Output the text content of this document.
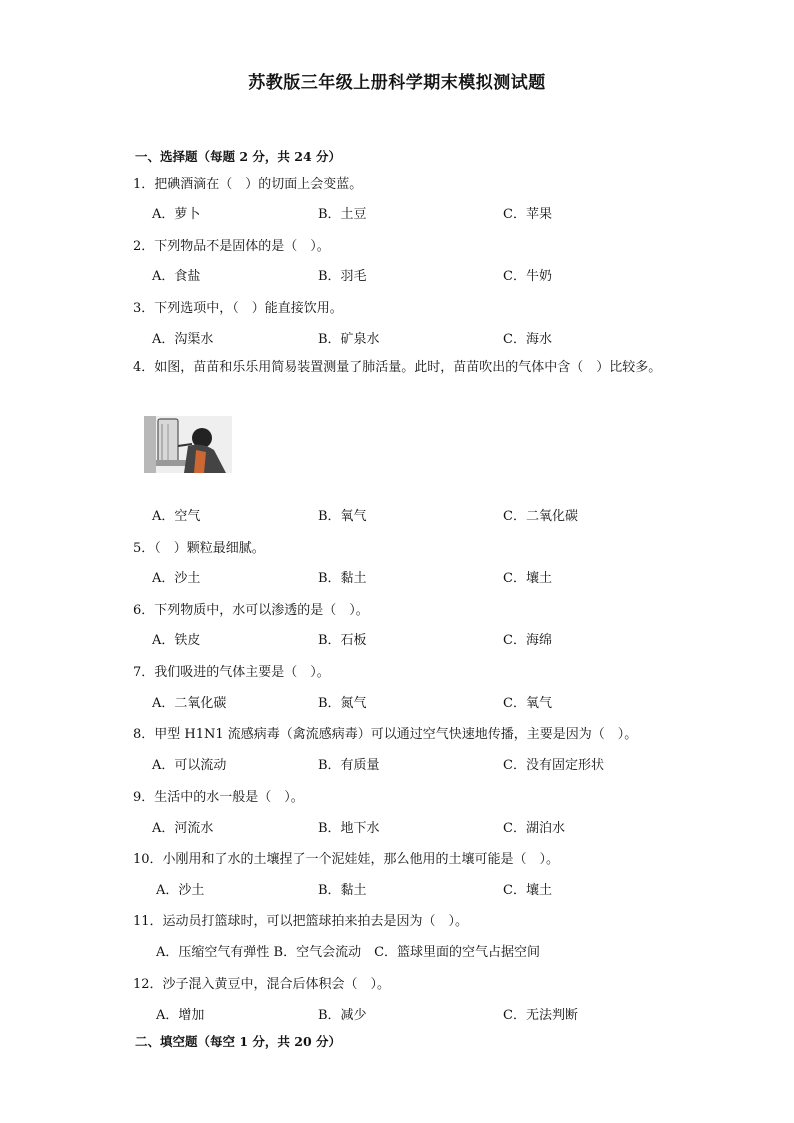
苏教版三年级上册科学期末模拟测试题
一、选择题（每题 2 分，共 24 分）
1．把碘酒滴在（　）的切面上会变蓝。
A．萝卜	B．土豆	C．苹果
2．下列物品不是固体的是（　）。
A．食盐	B．羽毛	C．牛奶
3．下列选项中，（　）能直接饮用。
A．沟渠水	B．矿泉水	C．海水
4．如图，苗苗和乐乐用简易装置测量了肺活量。此时，苗苗吹出的气体中含（　）比较多。
A．空气	B．氧气	C．二氧化碳
5．（　）颗粒最细腻。
A．沙土	B．黏土	C．壤土
6．下列物质中，水可以渗透的是（　）。
A．铁皮	B．石板	C．海绵
7．我们吸进的气体主要是（　）。
A．二氧化碳	B．氮气	C．氧气
8．甲型 H1N1 流感病毒（禽流感病毒）可以通过空气快速地传播，主要是因为（　）。
A．可以流动	B．有质量	C．没有固定形状
9．生活中的水一般是（　）。
A．河流水	B．地下水	C．湖泊水
10．小刚用和了水的土壤捏了一个泥娃娃，那么他用的土壤可能是（　）。
A．沙土	B．黏土	C．壤土
11．运动员打篮球时，可以把篮球拍来拍去是因为（　）。
A．压缩空气有弹性 B．空气会流动　C．篮球里面的空气占据空间
12．沙子混入黄豆中，混合后体积会（　）。
A．增加	B．减少	C．无法判断
二、填空题（每空 1 分，共 20 分）
